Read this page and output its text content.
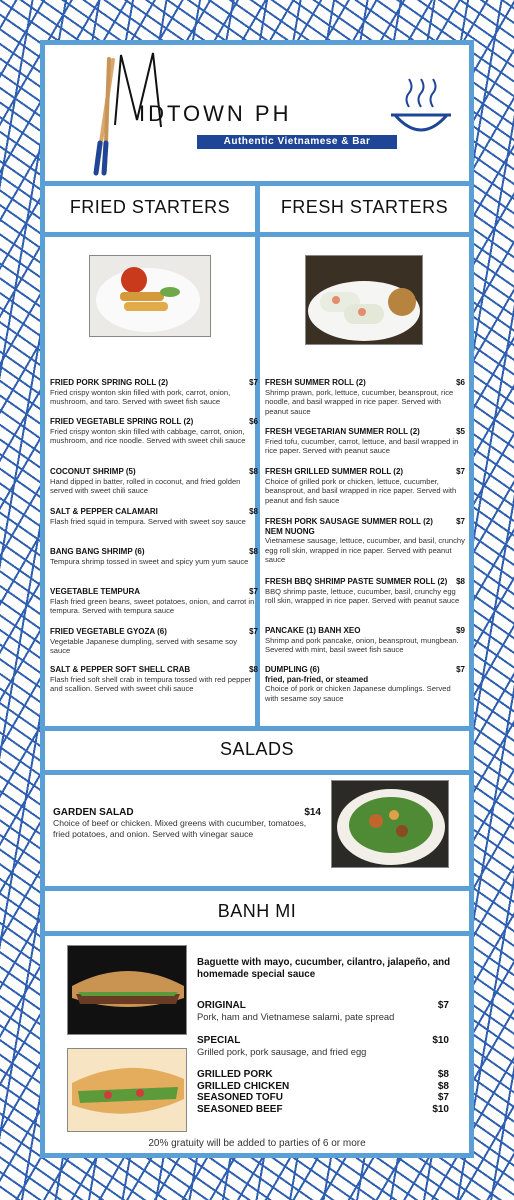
IDTOWN PH
Authentic Vietnamese & Bar
FRIED STARTERS	FRESH STARTERS
FRIED PORK SPRING ROLL (2)	$7
Fried crispy wonton skin filled with pork, carrot, onion, mushroom, and taro. Served with sweet fish sauce
FRIED VEGETABLE SPRING ROLL (2)	$6
Fried crispy wonton skin filled with cabbage, carrot, onion, mushroom, and rice noodle. Served with sweet chili sauce
COCONUT SHRIMP (5)	$8
Hand dipped in batter, rolled in coconut, and fried golden served with sweet chili sauce
SALT & PEPPER CALAMARI	$8
Flash fried squid in tempura. Served with sweet soy sauce
BANG BANG SHRIMP (6)	$8
Tempura shrimp tossed in sweet and spicy yum yum sauce
VEGETABLE TEMPURA	$7
Flash fried green beans, sweet potatoes, onion, and carrot in tempura. Served with tempura sauce
FRIED VEGETABLE GYOZA (6)	$7
Vegetable Japanese dumpling, served with sesame soy sauce
SALT & PEPPER SOFT SHELL CRAB	$8
Flash fried soft shell crab in tempura tossed with red pepper and scallion. Served with sweet chili sauce
FRESH SUMMER ROLL (2)	$6
Shrimp prawn, pork, lettuce, cucumber, beansprout, rice noodle, and basil wrapped in rice paper. Served with peanut sauce
FRESH VEGETARIAN SUMMER ROLL (2)	$5
Fried tofu, cucumber, carrot, lettuce, and basil wrapped in rice paper. Served with peanut sauce
FRESH GRILLED SUMMER ROLL (2)	$7
Choice of grilled pork or chicken, lettuce, cucumber, beansprout, and basil wrapped in rice paper. Served with peanut and fish sauce
FRESH PORK SAUSAGE SUMMER ROLL (2) NEM NUONG
$7
Vietnamese sausage, lettuce, cucumber, and basil, crunchy egg roll skin, wrapped in rice paper. Served with peanut sauce
FRESH BBQ SHRIMP PASTE SUMMER ROLL (2)	$8
BBQ shrimp paste, lettuce, cucumber, basil, crunchy egg roll skin, wrapped in rice paper. Served with peanut sauce
PANCAKE (1) BANH XEO	$9
Shrimp and pork pancake, onion, beansprout, mungbean. Severed with mint, basil sweet fish sauce
DUMPLING (6)	$7
fried, pan-fried, or steamed
Choice of pork or chicken Japanese dumplings. Served with sesame soy sauce
SALADS
GARDEN SALAD	$14
Choice of beef or chicken. Mixed greens with cucumber, tomatoes, fried potatoes, and onion. Served with vinegar sauce
BANH MI
Baguette with mayo, cucumber, cilantro, jalapeño, and homemade special sauce
ORIGINAL	$7
Pork, ham and Vietnamese salami, pate spread
SPECIAL	$10
Grilled pork, pork sausage, and fried egg
GRILLED PORK	$8
GRILLED CHICKEN	$8
SEASONED TOFU	$7
SEASONED BEEF	$10
20% gratuity will be added to parties of 6 or more
